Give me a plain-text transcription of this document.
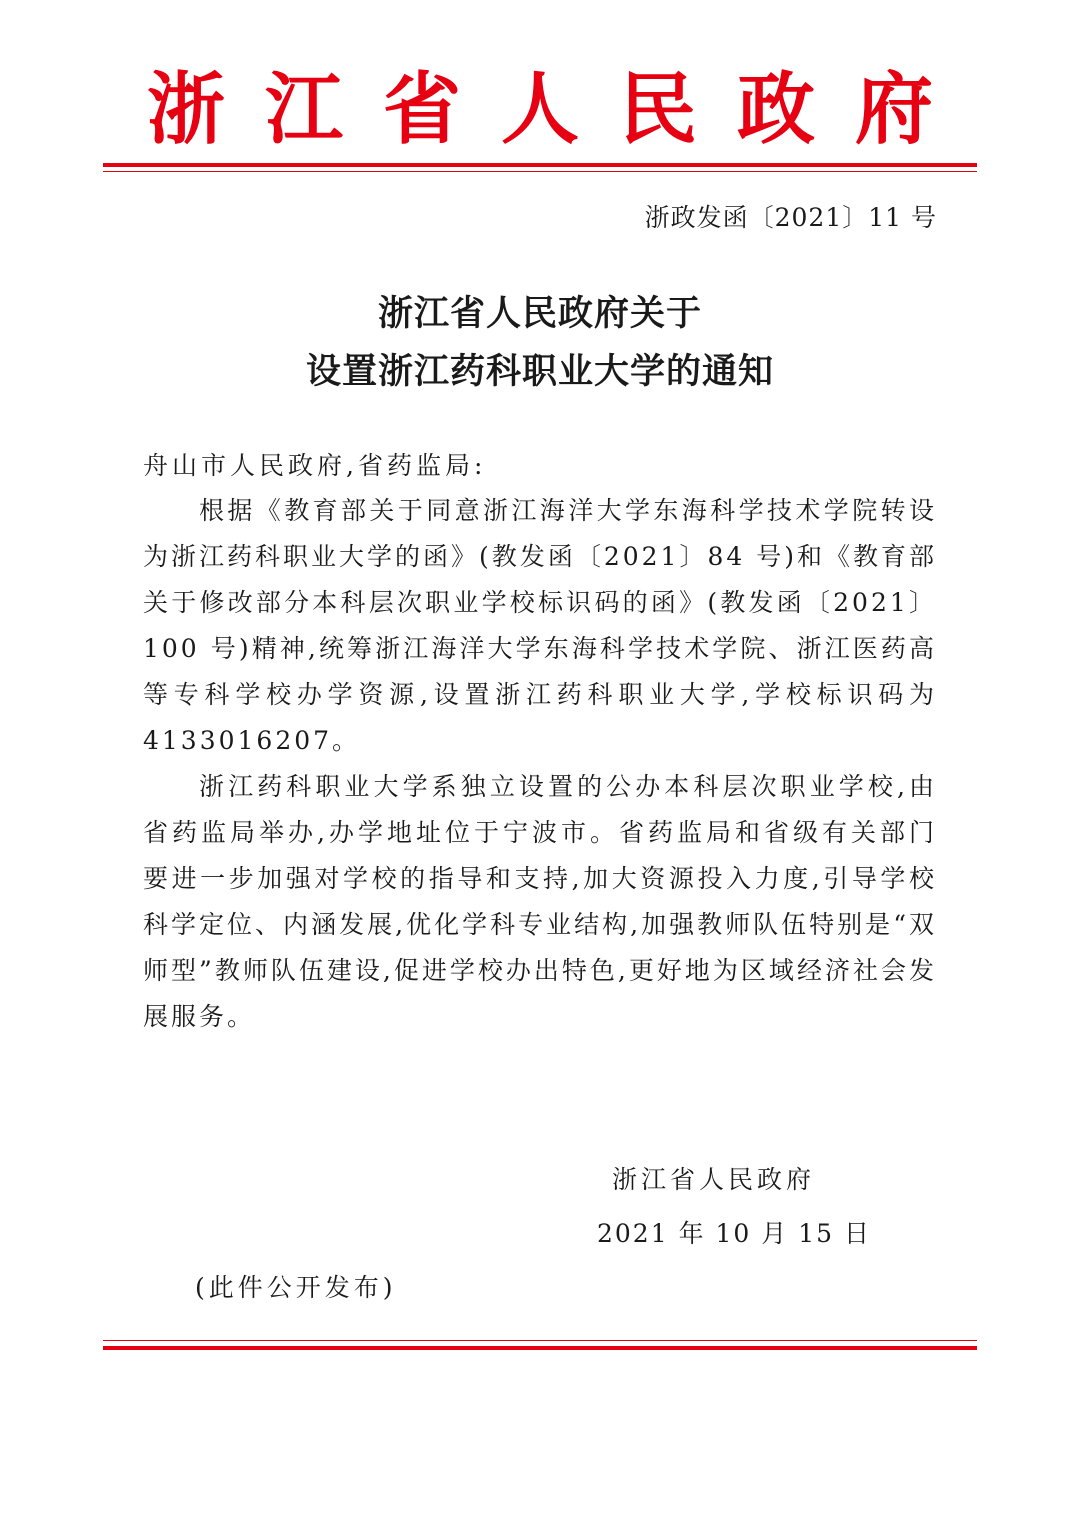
浙江省人民政府
浙政发函〔2021〕11 号
浙江省人民政府关于
设置浙江药科职业大学的通知
舟山市人民政府,省药监局:

根据《教育部关于同意浙江海洋大学东海科学技术学院转设为浙江药科职业大学的函》(教发函〔2021〕84 号)和《教育部关于修改部分本科层次职业学校标识码的函》(教发函〔2021〕100 号)精神,统筹浙江海洋大学东海科学技术学院、浙江医药高等专科学校办学资源,设置浙江药科职业大学,学校标识码为4133016207。

浙江药科职业大学系独立设置的公办本科层次职业学校,由省药监局举办,办学地址位于宁波市。省药监局和省级有关部门要进一步加强对学校的指导和支持,加大资源投入力度,引导学校科学定位、内涵发展,优化学科专业结构,加强教师队伍特别是“双师型”教师队伍建设,促进学校办出特色,更好地为区域经济社会发展服务。

浙江省人民政府
2021 年 10 月 15 日
(此件公开发布)
